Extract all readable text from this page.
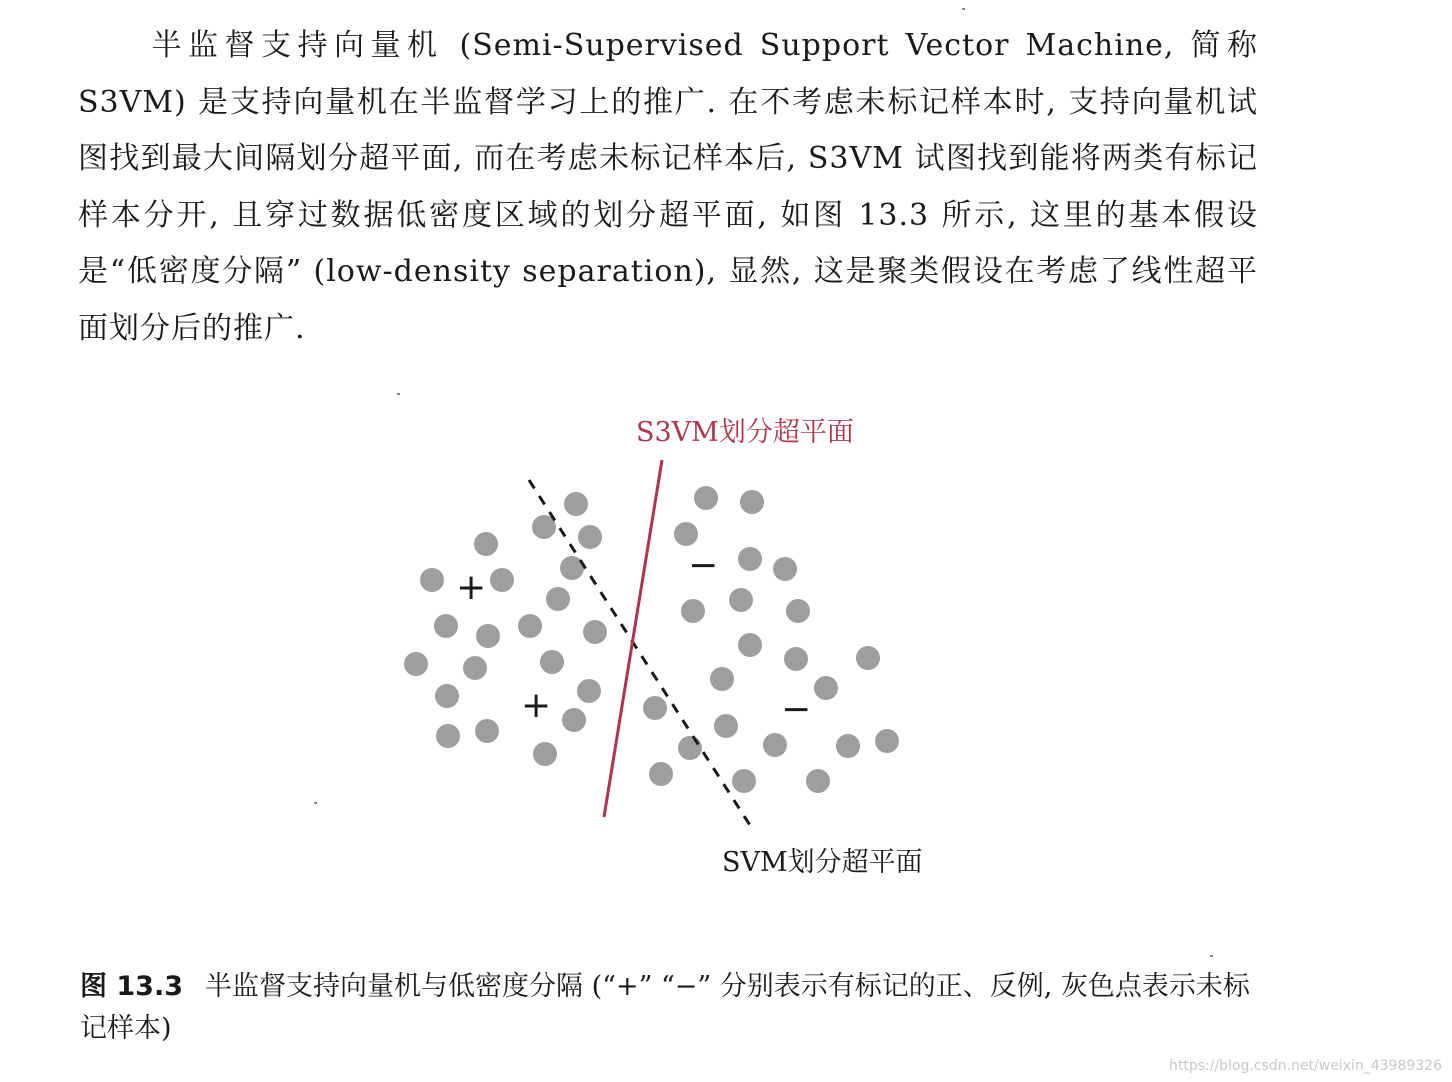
半监督支持向量机 (Semi-Supervised Support Vector Machine, 简称 S3VM) 是支持向量机在半监督学习上的推广. 在不考虑未标记样本时, 支持向量机试图找到最大间隔划分超平面, 而在考虑未标记样本后, S3VM 试图找到能将两类有标记样本分开, 且穿过数据低密度区域的划分超平面, 如图 13.3 所示, 这里的基本假设是“低密度分隔” (low-density separation), 显然, 这是聚类假设在考虑了线性超平面划分后的推广.

S3VM划分超平面
+
+
−
−
SVM划分超平面

图 13.3 半监督支持向量机与低密度分隔 (“+” “−” 分别表示有标记的正、反例, 灰色点表示未标记样本)

https://blog.csdn.net/weixin_43989326
